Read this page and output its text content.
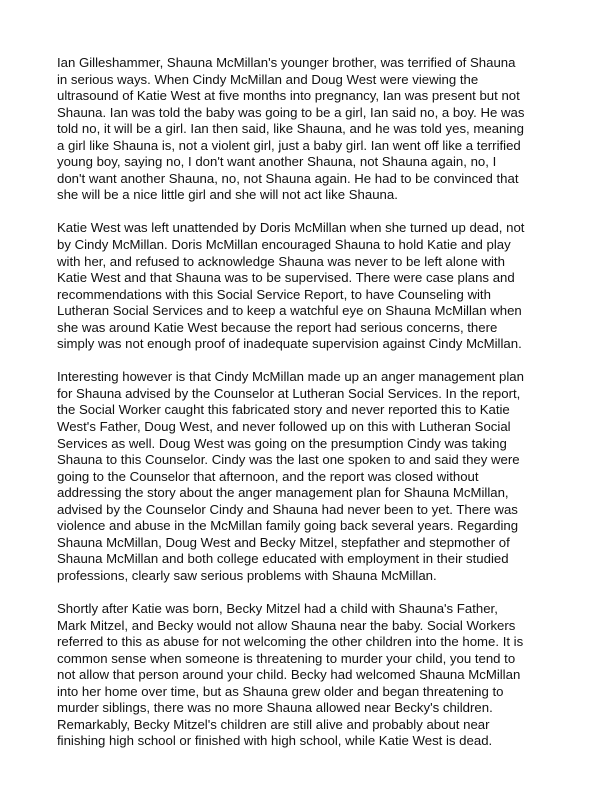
Ian Gilleshammer, Shauna McMillan's younger brother, was terrified of Shauna
in serious ways. When Cindy McMillan and Doug West were viewing the
ultrasound of Katie West at five months into pregnancy, Ian was present but not
Shauna. Ian was told the baby was going to be a girl, Ian said no, a boy. He was
told no, it will be a girl. Ian then said, like Shauna, and he was told yes, meaning
a girl like Shauna is, not a violent girl, just a baby girl. Ian went off like a terrified
young boy, saying no, I don't want another Shauna, not Shauna again, no, I
don't want another Shauna, no, not Shauna again. He had to be convinced that
she will be a nice little girl and she will not act like Shauna.
Katie West was left unattended by Doris McMillan when she turned up dead, not
by Cindy McMillan. Doris McMillan encouraged Shauna to hold Katie and play
with her, and refused to acknowledge Shauna was never to be left alone with
Katie West and that Shauna was to be supervised. There were case plans and
recommendations with this Social Service Report, to have Counseling with
Lutheran Social Services and to keep a watchful eye on Shauna McMillan when
she was around Katie West because the report had serious concerns, there
simply was not enough proof of inadequate supervision against Cindy McMillan.
Interesting however is that Cindy McMillan made up an anger management plan
for Shauna advised by the Counselor at Lutheran Social Services. In the report,
the Social Worker caught this fabricated story and never reported this to Katie
West's Father, Doug West, and never followed up on this with Lutheran Social
Services as well. Doug West was going on the presumption Cindy was taking
Shauna to this Counselor. Cindy was the last one spoken to and said they were
going to the Counselor that afternoon, and the report was closed without
addressing the story about the anger management plan for Shauna McMillan,
advised by the Counselor Cindy and Shauna had never been to yet. There was
violence and abuse in the McMillan family going back several years. Regarding
Shauna McMillan, Doug West and Becky Mitzel, stepfather and stepmother of
Shauna McMillan and both college educated with employment in their studied
professions, clearly saw serious problems with Shauna McMillan.
Shortly after Katie was born, Becky Mitzel had a child with Shauna's Father,
Mark Mitzel, and Becky would not allow Shauna near the baby. Social Workers
referred to this as abuse for not welcoming the other children into the home. It is
common sense when someone is threatening to murder your child, you tend to
not allow that person around your child. Becky had welcomed Shauna McMillan
into her home over time, but as Shauna grew older and began threatening to
murder siblings, there was no more Shauna allowed near Becky's children.
Remarkably, Becky Mitzel's children are still alive and probably about near
finishing high school or finished with high school, while Katie West is dead.
